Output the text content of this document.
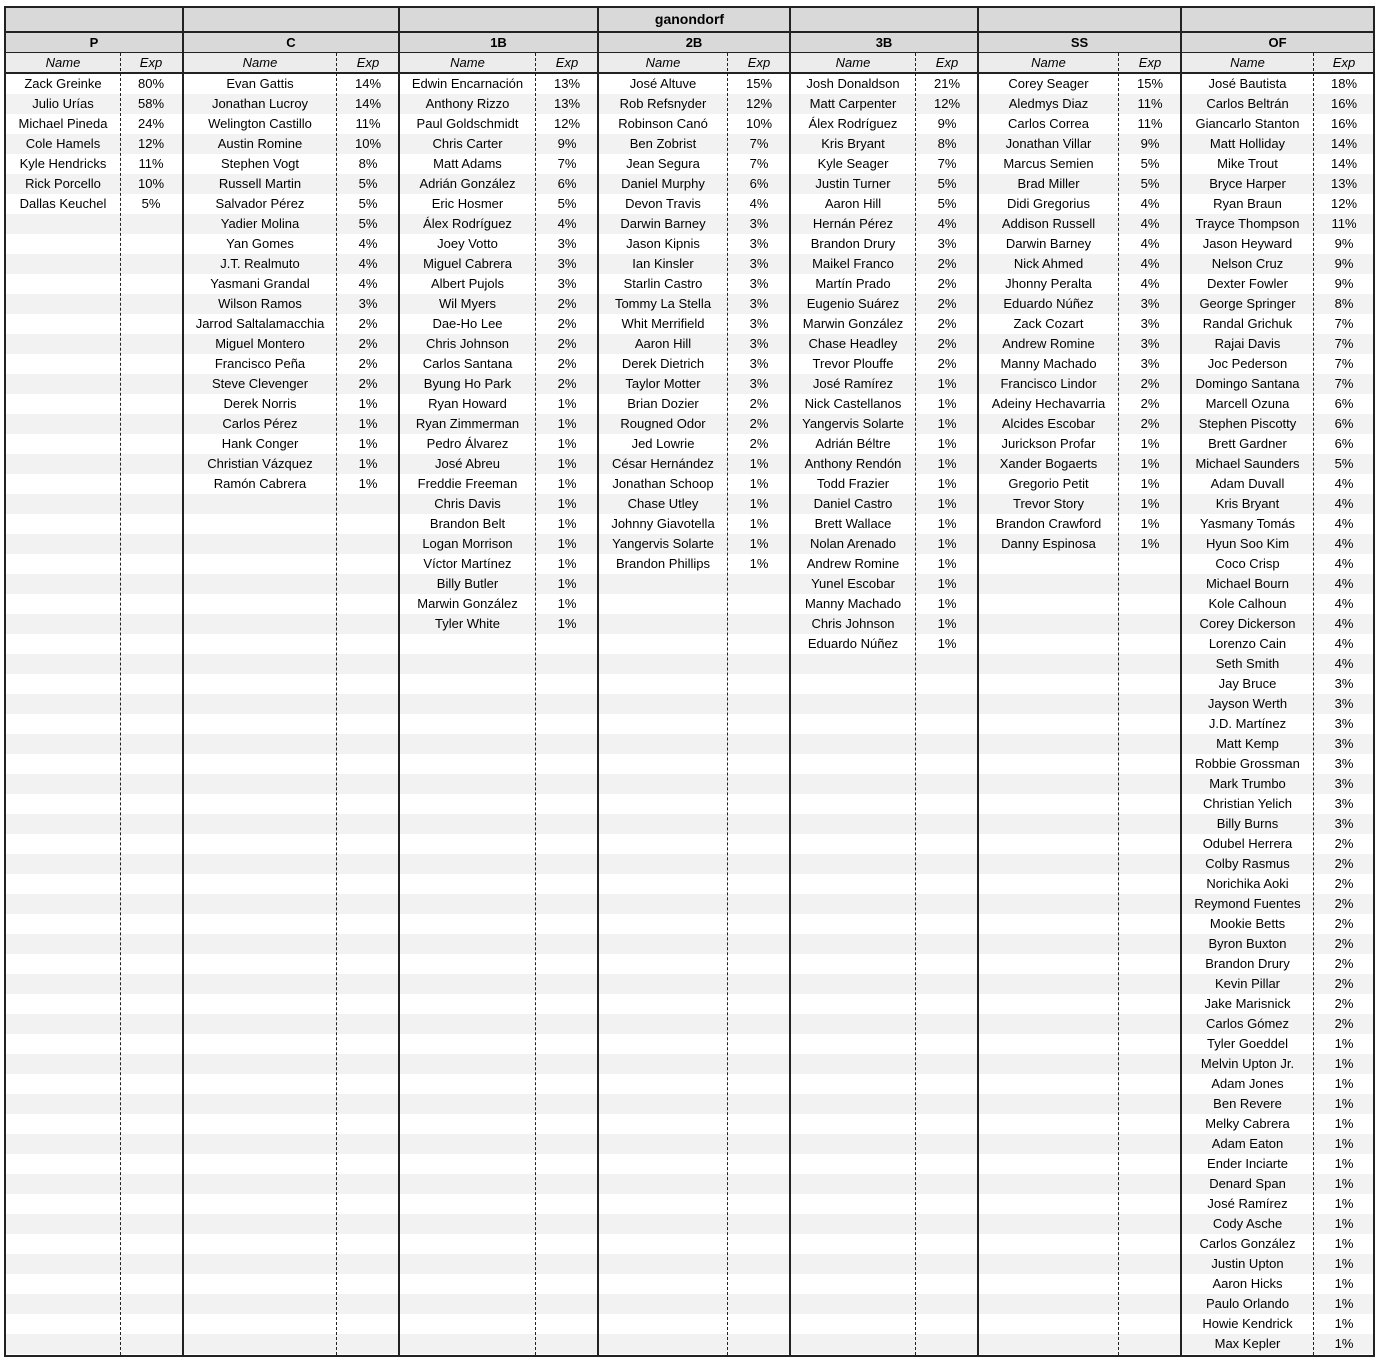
ganondorf
P
Name	Exp
Zack Greinke	80%
Julio Urías	58%
Michael Pineda	24%
Cole Hamels	12%
Kyle Hendricks	11%
Rick Porcello	10%
Dallas Keuchel	5%
C
Name	Exp
Evan Gattis	14%
Jonathan Lucroy	14%
Welington Castillo	11%
Austin Romine	10%
Stephen Vogt	8%
Russell Martin	5%
Salvador Pérez	5%
Yadier Molina	5%
Yan Gomes	4%
J.T. Realmuto	4%
Yasmani Grandal	4%
Wilson Ramos	3%
Jarrod Saltalamacchia	2%
Miguel Montero	2%
Francisco Peña	2%
Steve Clevenger	2%
Derek Norris	1%
Carlos Pérez	1%
Hank Conger	1%
Christian Vázquez	1%
Ramón Cabrera	1%
1B
Name	Exp
Edwin Encarnación	13%
Anthony Rizzo	13%
Paul Goldschmidt	12%
Chris Carter	9%
Matt Adams	7%
Adrián González	6%
Eric Hosmer	5%
Álex Rodríguez	4%
Joey Votto	3%
Miguel Cabrera	3%
Albert Pujols	3%
Wil Myers	2%
Dae-Ho Lee	2%
Chris Johnson	2%
Carlos Santana	2%
Byung Ho Park	2%
Ryan Howard	1%
Ryan Zimmerman	1%
Pedro Álvarez	1%
José Abreu	1%
Freddie Freeman	1%
Chris Davis	1%
Brandon Belt	1%
Logan Morrison	1%
Víctor Martínez	1%
Billy Butler	1%
Marwin González	1%
Tyler White	1%
2B
Name	Exp
José Altuve	15%
Rob Refsnyder	12%
Robinson Canó	10%
Ben Zobrist	7%
Jean Segura	7%
Daniel Murphy	6%
Devon Travis	4%
Darwin Barney	3%
Jason Kipnis	3%
Ian Kinsler	3%
Starlin Castro	3%
Tommy La Stella	3%
Whit Merrifield	3%
Aaron Hill	3%
Derek Dietrich	3%
Taylor Motter	3%
Brian Dozier	2%
Rougned Odor	2%
Jed Lowrie	2%
César Hernández	1%
Jonathan Schoop	1%
Chase Utley	1%
Johnny Giavotella	1%
Yangervis Solarte	1%
Brandon Phillips	1%
3B
Name	Exp
Josh Donaldson	21%
Matt Carpenter	12%
Álex Rodríguez	9%
Kris Bryant	8%
Kyle Seager	7%
Justin Turner	5%
Aaron Hill	5%
Hernán Pérez	4%
Brandon Drury	3%
Maikel Franco	2%
Martín Prado	2%
Eugenio Suárez	2%
Marwin González	2%
Chase Headley	2%
Trevor Plouffe	2%
José Ramírez	1%
Nick Castellanos	1%
Yangervis Solarte	1%
Adrián Béltre	1%
Anthony Rendón	1%
Todd Frazier	1%
Daniel Castro	1%
Brett Wallace	1%
Nolan Arenado	1%
Andrew Romine	1%
Yunel Escobar	1%
Manny Machado	1%
Chris Johnson	1%
Eduardo Núñez	1%
SS
Name	Exp
Corey Seager	15%
Aledmys Diaz	11%
Carlos Correa	11%
Jonathan Villar	9%
Marcus Semien	5%
Brad Miller	5%
Didi Gregorius	4%
Addison Russell	4%
Darwin Barney	4%
Nick Ahmed	4%
Jhonny Peralta	4%
Eduardo Núñez	3%
Zack Cozart	3%
Andrew Romine	3%
Manny Machado	3%
Francisco Lindor	2%
Adeiny Hechavarria	2%
Alcides Escobar	2%
Jurickson Profar	1%
Xander Bogaerts	1%
Gregorio Petit	1%
Trevor Story	1%
Brandon Crawford	1%
Danny Espinosa	1%
OF
Name	Exp
José Bautista	18%
Carlos Beltrán	16%
Giancarlo Stanton	16%
Matt Holliday	14%
Mike Trout	14%
Bryce Harper	13%
Ryan Braun	12%
Trayce Thompson	11%
Jason Heyward	9%
Nelson Cruz	9%
Dexter Fowler	9%
George Springer	8%
Randal Grichuk	7%
Rajai Davis	7%
Joc Pederson	7%
Domingo Santana	7%
Marcell Ozuna	6%
Stephen Piscotty	6%
Brett Gardner	6%
Michael Saunders	5%
Adam Duvall	4%
Kris Bryant	4%
Yasmany Tomás	4%
Hyun Soo Kim	4%
Coco Crisp	4%
Michael Bourn	4%
Kole Calhoun	4%
Corey Dickerson	4%
Lorenzo Cain	4%
Seth Smith	4%
Jay Bruce	3%
Jayson Werth	3%
J.D. Martínez	3%
Matt Kemp	3%
Robbie Grossman	3%
Mark Trumbo	3%
Christian Yelich	3%
Billy Burns	3%
Odubel Herrera	2%
Colby Rasmus	2%
Norichika Aoki	2%
Reymond Fuentes	2%
Mookie Betts	2%
Byron Buxton	2%
Brandon Drury	2%
Kevin Pillar	2%
Jake Marisnick	2%
Carlos Gómez	2%
Tyler Goeddel	1%
Melvin Upton Jr.	1%
Adam Jones	1%
Ben Revere	1%
Melky Cabrera	1%
Adam Eaton	1%
Ender Inciarte	1%
Denard Span	1%
José Ramírez	1%
Cody Asche	1%
Carlos González	1%
Justin Upton	1%
Aaron Hicks	1%
Paulo Orlando	1%
Howie Kendrick	1%
Max Kepler	1%
